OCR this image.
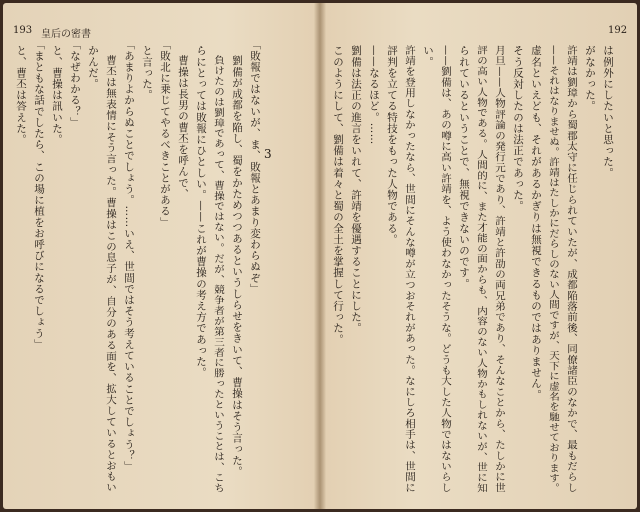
193 皇后の密書
3
と、曹丕は答えた。 「まともな話でしたら、この場に植をお呼びになるでしょう」 と、曹操は訊いた。 「なぜわかる？」 かんだ。 曹丕は無表情にそう言った。曹操はこの息子が、自分のある面を、拡大しているとおもい 「あまりよからぬことでしょう。……いえ、世間ではそう考えていることでしょう？」 と言った。 「敗北に乗じてやるべきことがある」 曹操は長男の曹丕を呼んで、 らにとっては敗報にひとしい。——これが曹操の考え方であった。 負けたのは劉璋であって、曹操ではない。だが、競争者が第三者に勝ったということは、こち 劉備が成都を陥し、蜀をかためつつあるというしらせをきいて、曹操はそう言った。 「敗報ではないが、ま、敗報とあまり変わらぬぞ」
192
このようにして、劉備は着々と蜀の全土を掌握して行った。 劉備は法正の進言をいれて、許靖を優遇することにした。 ——なるほど。…… 評判を立てる特技をもった人物である。 許靖を登用しなかったなら、世間にそんな噂が立つおそれがあった。なにしろ相手は、世間に い。 ——劉備は、あの噂に高い許靖を、よう使わなかったそうな。どうも大した人物ではないらし られているということで、無視できないのです。 評の高い人物である。人間的に、また才能の面からも、内容のない人物かもしれないが、世に知 月旦——人物評論の発行元であり、許靖と許劭の両兄弟であり、そんなことから、たしかに世 そう反対したのは法正であった。 虚名といえども、それがあるかぎりは無視できるものではありません。 ——それはなりませぬ。許靖はたしかにだらしのない人間ですが、天下に虚名を馳せております。 許靖は劉璋から蜀郡太守に任じられていたが、成都陥落前後、同僚諸臣のなかで、最もだらし がなかった。 は例外にしたいと思った。
